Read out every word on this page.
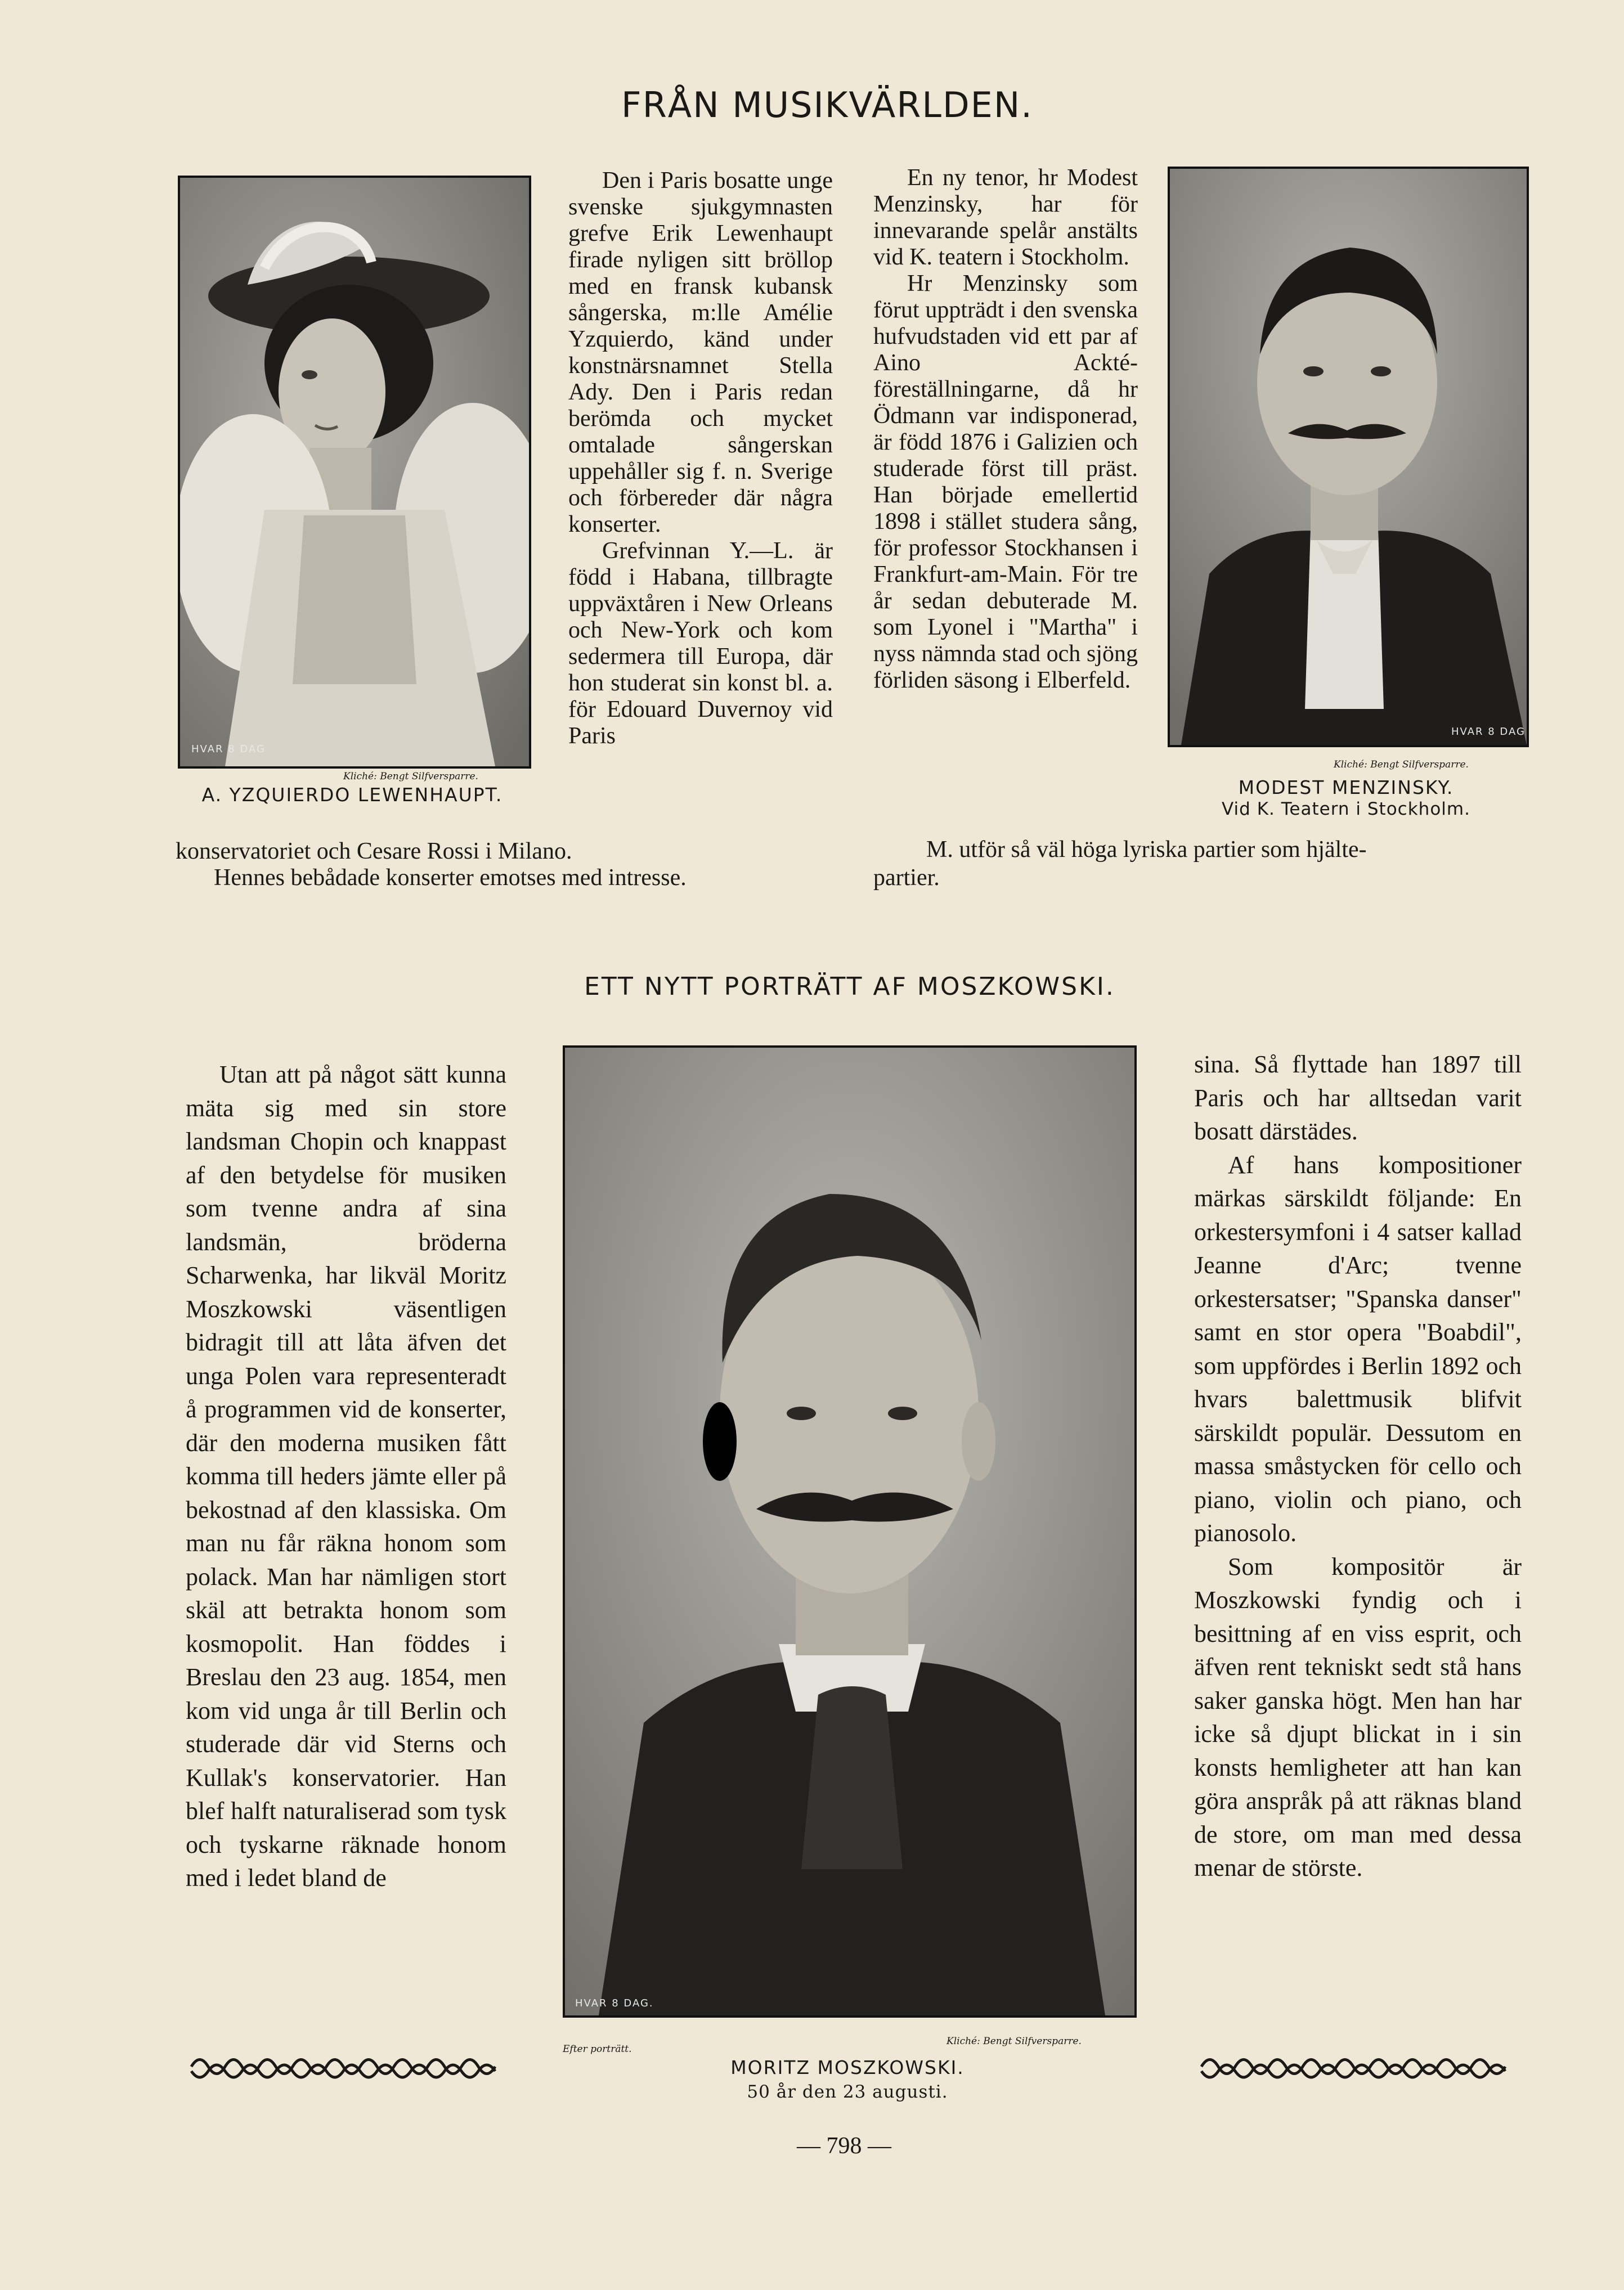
FRÅN MUSIKVÄRLDEN.
HVAR 8 DAG
Kliché: Bengt Silfversparre.
A. YZQUIERDO LEWENHAUPT.

Den i Paris bosatte unge svenske sjukgymnasten grefve Erik Lewenhaupt firade nyligen sitt bröllop med en fransk kubansk sångerska, m:lle Amélie Yzquierdo, känd under konstnärsnamnet Stella Ady. Den i Paris redan berömda och mycket omtalade sångerskan uppehåller sig f. n. Sverige och förbereder där några konserter.

Grefvinnan Y.—L. är född i Habana, tillbragte uppväxtåren i New Orleans och New-York och kom sedermera till Europa, där hon studerat sin konst bl. a. för Edouard Duvernoy vid Paris

konservatoriet och Cesare Rossi i Milano.
Hennes bebådade konserter emotses med intresse.

En ny tenor, hr Modest Menzinsky, har för innevarande spelår anstälts vid K. teatern i Stockholm.

Hr Menzinsky som förut uppträdt i den svenska hufvudstaden vid ett par af Aino Ackté-föreställningarne, då hr Ödmann var indisponerad, är född 1876 i Galizien och studerade först till präst. Han började emellertid 1898 i stället studera sång, för professor Stockhansen i Frankfurt-am-Main. För tre år sedan debuterade M. som Lyonel i "Martha" i nyss nämnda stad och sjöng förliden säsong i Elberfeld.

M. utför så väl höga lyriska partier som hjälte-
partier.
HVAR 8 DAG
Kliché: Bengt Silfversparre.
MODEST MENZINSKY.
Vid K. Teatern i Stockholm.
ETT NYTT PORTRÄTT AF MOSZKOWSKI.

Utan att på något sätt kunna mäta sig med sin store landsman Chopin och knappast af den betydelse för musiken som tvenne andra af sina landsmän, bröderna Scharwenka, har likväl Moritz Moszkowski väsentligen bidragit till att låta äfven det unga Polen vara representeradt å programmen vid de konserter, där den moderna musiken fått komma till heders jämte eller på bekostnad af den klassiska. Om man nu får räkna honom som polack. Man har nämligen stort skäl att betrakta honom som kosmopolit. Han föddes i Breslau den 23 aug. 1854, men kom vid unga år till Berlin och studerade där vid Sterns och Kullak's konservatorier. Han blef halft naturaliserad som tysk och tyskarne räknade honom med i ledet bland de

HVAR 8 DAG.
Efter porträtt.
Kliché: Bengt Silfversparre.
MORITZ MOSZKOWSKI.
50 år den 23 augusti.

sina. Så flyttade han 1897 till Paris och har alltsedan varit bosatt därstädes.

Af hans kompositioner märkas särskildt följande: En orkestersymfoni i 4 satser kallad Jeanne d'Arc; tvenne orkestersatser; "Spanska danser" samt en stor opera "Boabdil", som uppfördes i Berlin 1892 och hvars balettmusik blifvit särskildt populär. Dessutom en massa småstycken för cello och piano, violin och piano, och pianosolo.

Som kompositör är Moszkowski fyndig och i besittning af en viss esprit, och äfven rent tekniskt sedt stå hans saker ganska högt. Men han har icke så djupt blickat in i sin konsts hemligheter att han kan göra anspråk på att räknas bland de store, om man med dessa menar de störste.

— 798 —
